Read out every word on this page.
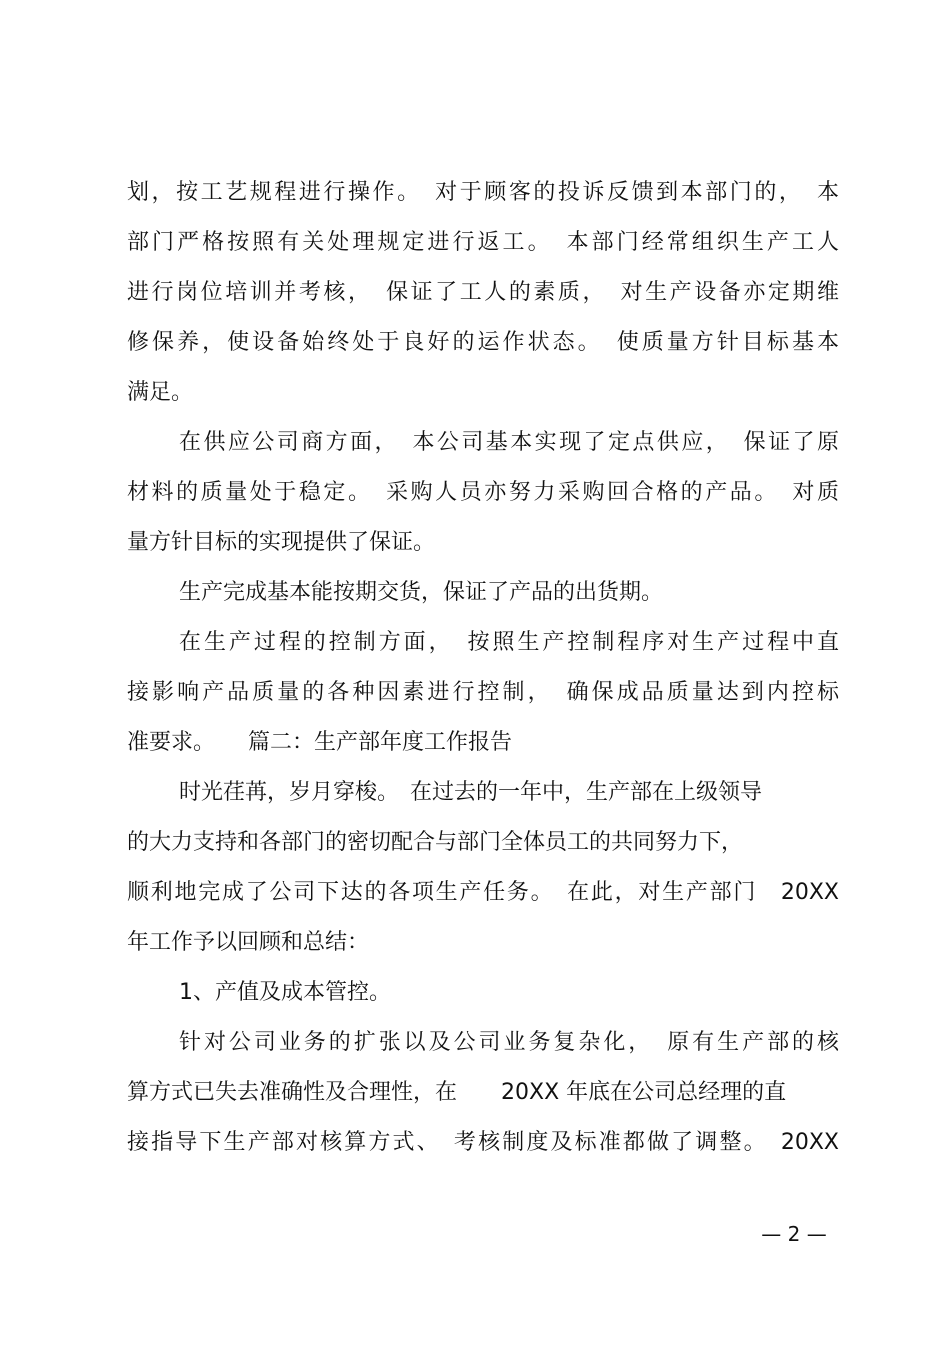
划，按工艺规程进行操作。　对于顾客的投诉反馈到本部门的，　本
部门严格按照有关处理规定进行返工。　本部门经常组织生产工人
进行岗位培训并考核，　保证了工人的素质，　对生产设备亦定期维
修保养，使设备始终处于良好的运作状态。　使质量方针目标基本
满足。
在供应公司商方面，　本公司基本实现了定点供应，　保证了原
材料的质量处于稳定。　采购人员亦努力采购回合格的产品。　对质
量方针目标的实现提供了保证。
生产完成基本能按期交货，保证了产品的出货期。
在生产过程的控制方面，　按照生产控制程序对生产过程中直
接影响产品质量的各种因素进行控制，　确保成品质量达到内控标
准要求。　　篇二：生产部年度工作报告
时光荏苒，岁月穿梭。　在过去的一年中，生产部在上级领导
的大力支持和各部门的密切配合与部门全体员工的共同努力下，
顺利地完成了公司下达的各项生产任务。　在此，对生产部门　20XX
年工作予以回顾和总结：
1、产值及成本管控。
针对公司业务的扩张以及公司业务复杂化，　原有生产部的核
算方式已失去准确性及合理性，在　　20XX 年底在公司总经理的直
接指导下生产部对核算方式、　考核制度及标准都做了调整。　20XX
— 2 —
